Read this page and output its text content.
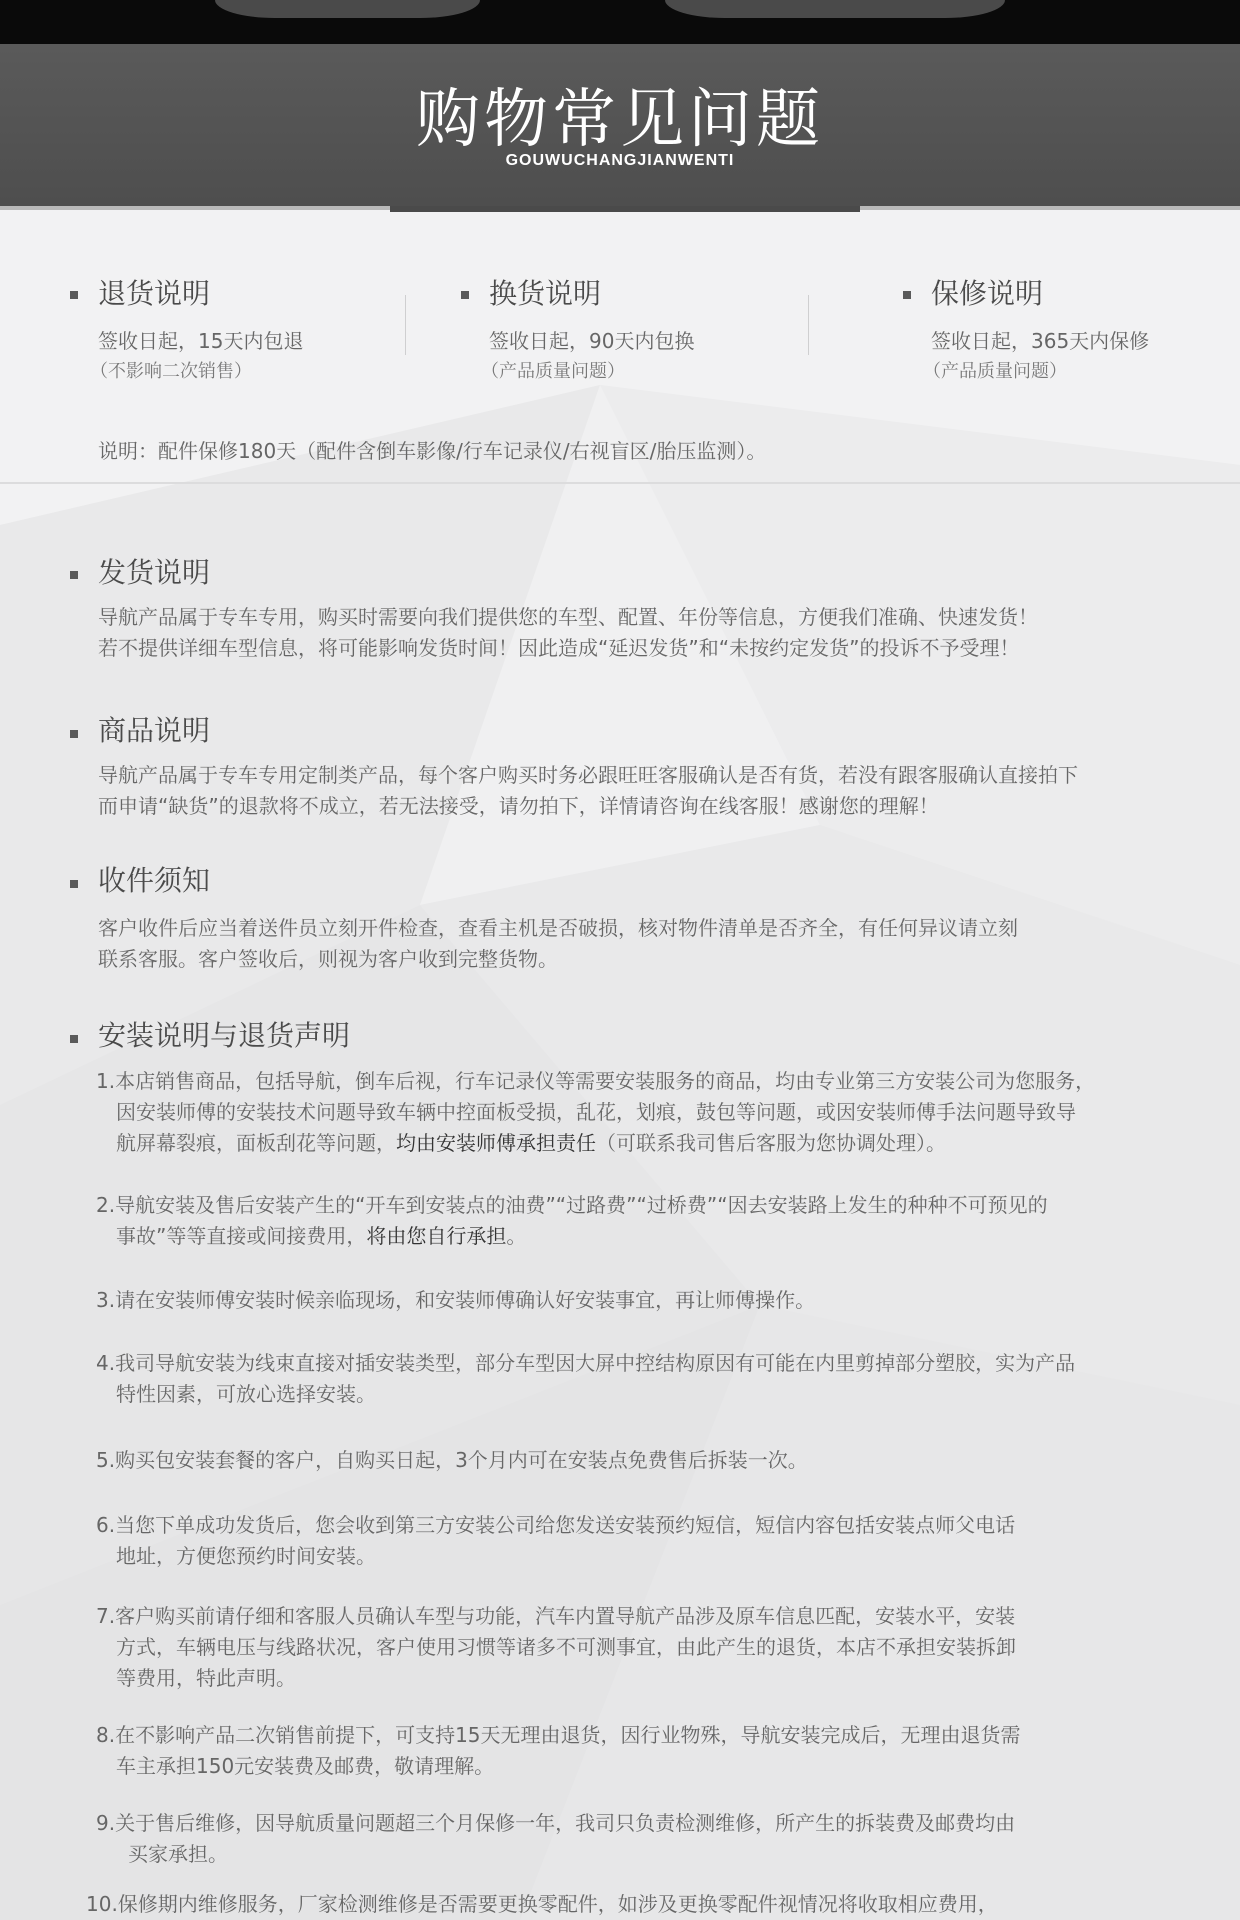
购物常见问题
GOUWUCHANGJIANWENTI
退货说明
签收日起，15天内包退
（不影响二次销售）
换货说明
签收日起，90天内包换
（产品质量问题）
保修说明
签收日起，365天内保修
（产品质量问题）
说明：配件保修180天（配件含倒车影像/行车记录仪/右视盲区/胎压监测）。
发货说明
导航产品属于专车专用，购买时需要向我们提供您的车型、配置、年份等信息，方便我们准确、快速发货！
若不提供详细车型信息，将可能影响发货时间！因此造成“延迟发货”和“未按约定发货”的投诉不予受理！
商品说明
导航产品属于专车专用定制类产品，每个客户购买时务必跟旺旺客服确认是否有货，若没有跟客服确认直接拍下
而申请“缺货”的退款将不成立，若无法接受，请勿拍下，详情请咨询在线客服！感谢您的理解！
收件须知
客户收件后应当着送件员立刻开件检查，查看主机是否破损，核对物件清单是否齐全，有任何异议请立刻
联系客服。客户签收后，则视为客户收到完整货物。
安装说明与退货声明
1.本店销售商品，包括导航，倒车后视，行车记录仪等需要安装服务的商品，均由专业第三方安装公司为您服务，
因安装师傅的安装技术问题导致车辆中控面板受损，乱花，划痕，鼓包等问题，或因安装师傅手法问题导致导
航屏幕裂痕，面板刮花等问题，均由安装师傅承担责任（可联系我司售后客服为您协调处理）。
2.导航安装及售后安装产生的“开车到安装点的油费”“过路费”“过桥费”“因去安装路上发生的种种不可预见的
事故”等等直接或间接费用，将由您自行承担。
3.请在安装师傅安装时候亲临现场，和安装师傅确认好安装事宜，再让师傅操作。
4.我司导航安装为线束直接对插安装类型，部分车型因大屏中控结构原因有可能在内里剪掉部分塑胶，实为产品
特性因素，可放心选择安装。
5.购买包安装套餐的客户，自购买日起，3个月内可在安装点免费售后拆装一次。
6.当您下单成功发货后，您会收到第三方安装公司给您发送安装预约短信，短信内容包括安装点师父电话
地址，方便您预约时间安装。
7.客户购买前请仔细和客服人员确认车型与功能，汽车内置导航产品涉及原车信息匹配，安装水平，安装
方式，车辆电压与线路状况，客户使用习惯等诸多不可测事宜，由此产生的退货，本店不承担安装拆卸
等费用，特此声明。
8.在不影响产品二次销售前提下，可支持15天无理由退货，因行业物殊，导航安装完成后，无理由退货需
车主承担150元安装费及邮费，敬请理解。
9.关于售后维修，因导航质量问题超三个月保修一年，我司只负责检测维修，所产生的拆装费及邮费均由
买家承担。
10.保修期内维修服务，厂家检测维修是否需要更换零配件，如涉及更换零配件视情况将收取相应费用，
